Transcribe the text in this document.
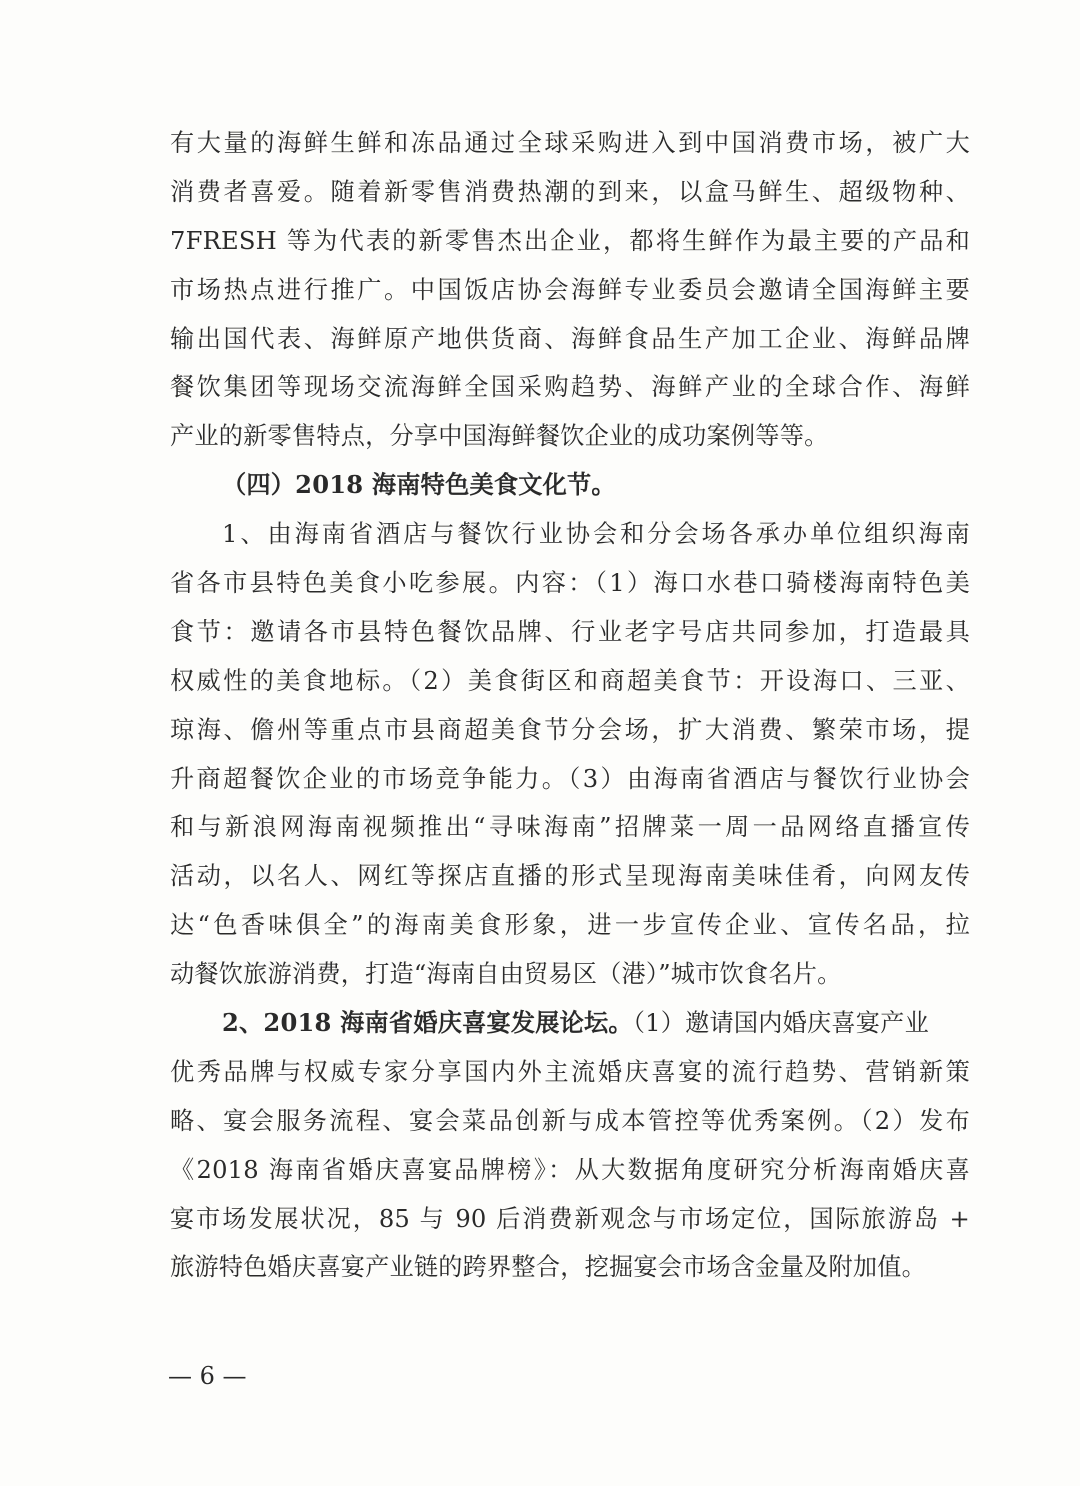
有大量的海鲜生鲜和冻品通过全球采购进入到中国消费市场，被广大
消费者喜爱。随着新零售消费热潮的到来，以盒马鲜生、超级物种、
7FRESH 等为代表的新零售杰出企业，都将生鲜作为最主要的产品和
市场热点进行推广。中国饭店协会海鲜专业委员会邀请全国海鲜主要
输出国代表、海鲜原产地供货商、海鲜食品生产加工企业、海鲜品牌
餐饮集团等现场交流海鲜全国采购趋势、海鲜产业的全球合作、海鲜
产业的新零售特点，分享中国海鲜餐饮企业的成功案例等等。
（四）2018 海南特色美食文化节。
1、由海南省酒店与餐饮行业协会和分会场各承办单位组织海南
省各市县特色美食小吃参展。内容：（1）海口水巷口骑楼海南特色美
食节：邀请各市县特色餐饮品牌、行业老字号店共同参加，打造最具
权威性的美食地标。（2）美食街区和商超美食节：开设海口、三亚、
琼海、儋州等重点市县商超美食节分会场，扩大消费、繁荣市场，提
升商超餐饮企业的市场竞争能力。（3）由海南省酒店与餐饮行业协会
和与新浪网海南视频推出“寻味海南”招牌菜一周一品网络直播宣传
活动，以名人、网红等探店直播的形式呈现海南美味佳肴，向网友传
达“色香味俱全”的海南美食形象，进一步宣传企业、宣传名品，拉
动餐饮旅游消费，打造“海南自由贸易区（港）”城市饮食名片。
2、2018 海南省婚庆喜宴发展论坛。（1）邀请国内婚庆喜宴产业
优秀品牌与权威专家分享国内外主流婚庆喜宴的流行趋势、营销新策
略、宴会服务流程、宴会菜品创新与成本管控等优秀案例。（2）发布
《2018 海南省婚庆喜宴品牌榜》：从大数据角度研究分析海南婚庆喜
宴市场发展状况，85 与 90 后消费新观念与市场定位，国际旅游岛 +
旅游特色婚庆喜宴产业链的跨界整合，挖掘宴会市场含金量及附加值。
— 6 —
